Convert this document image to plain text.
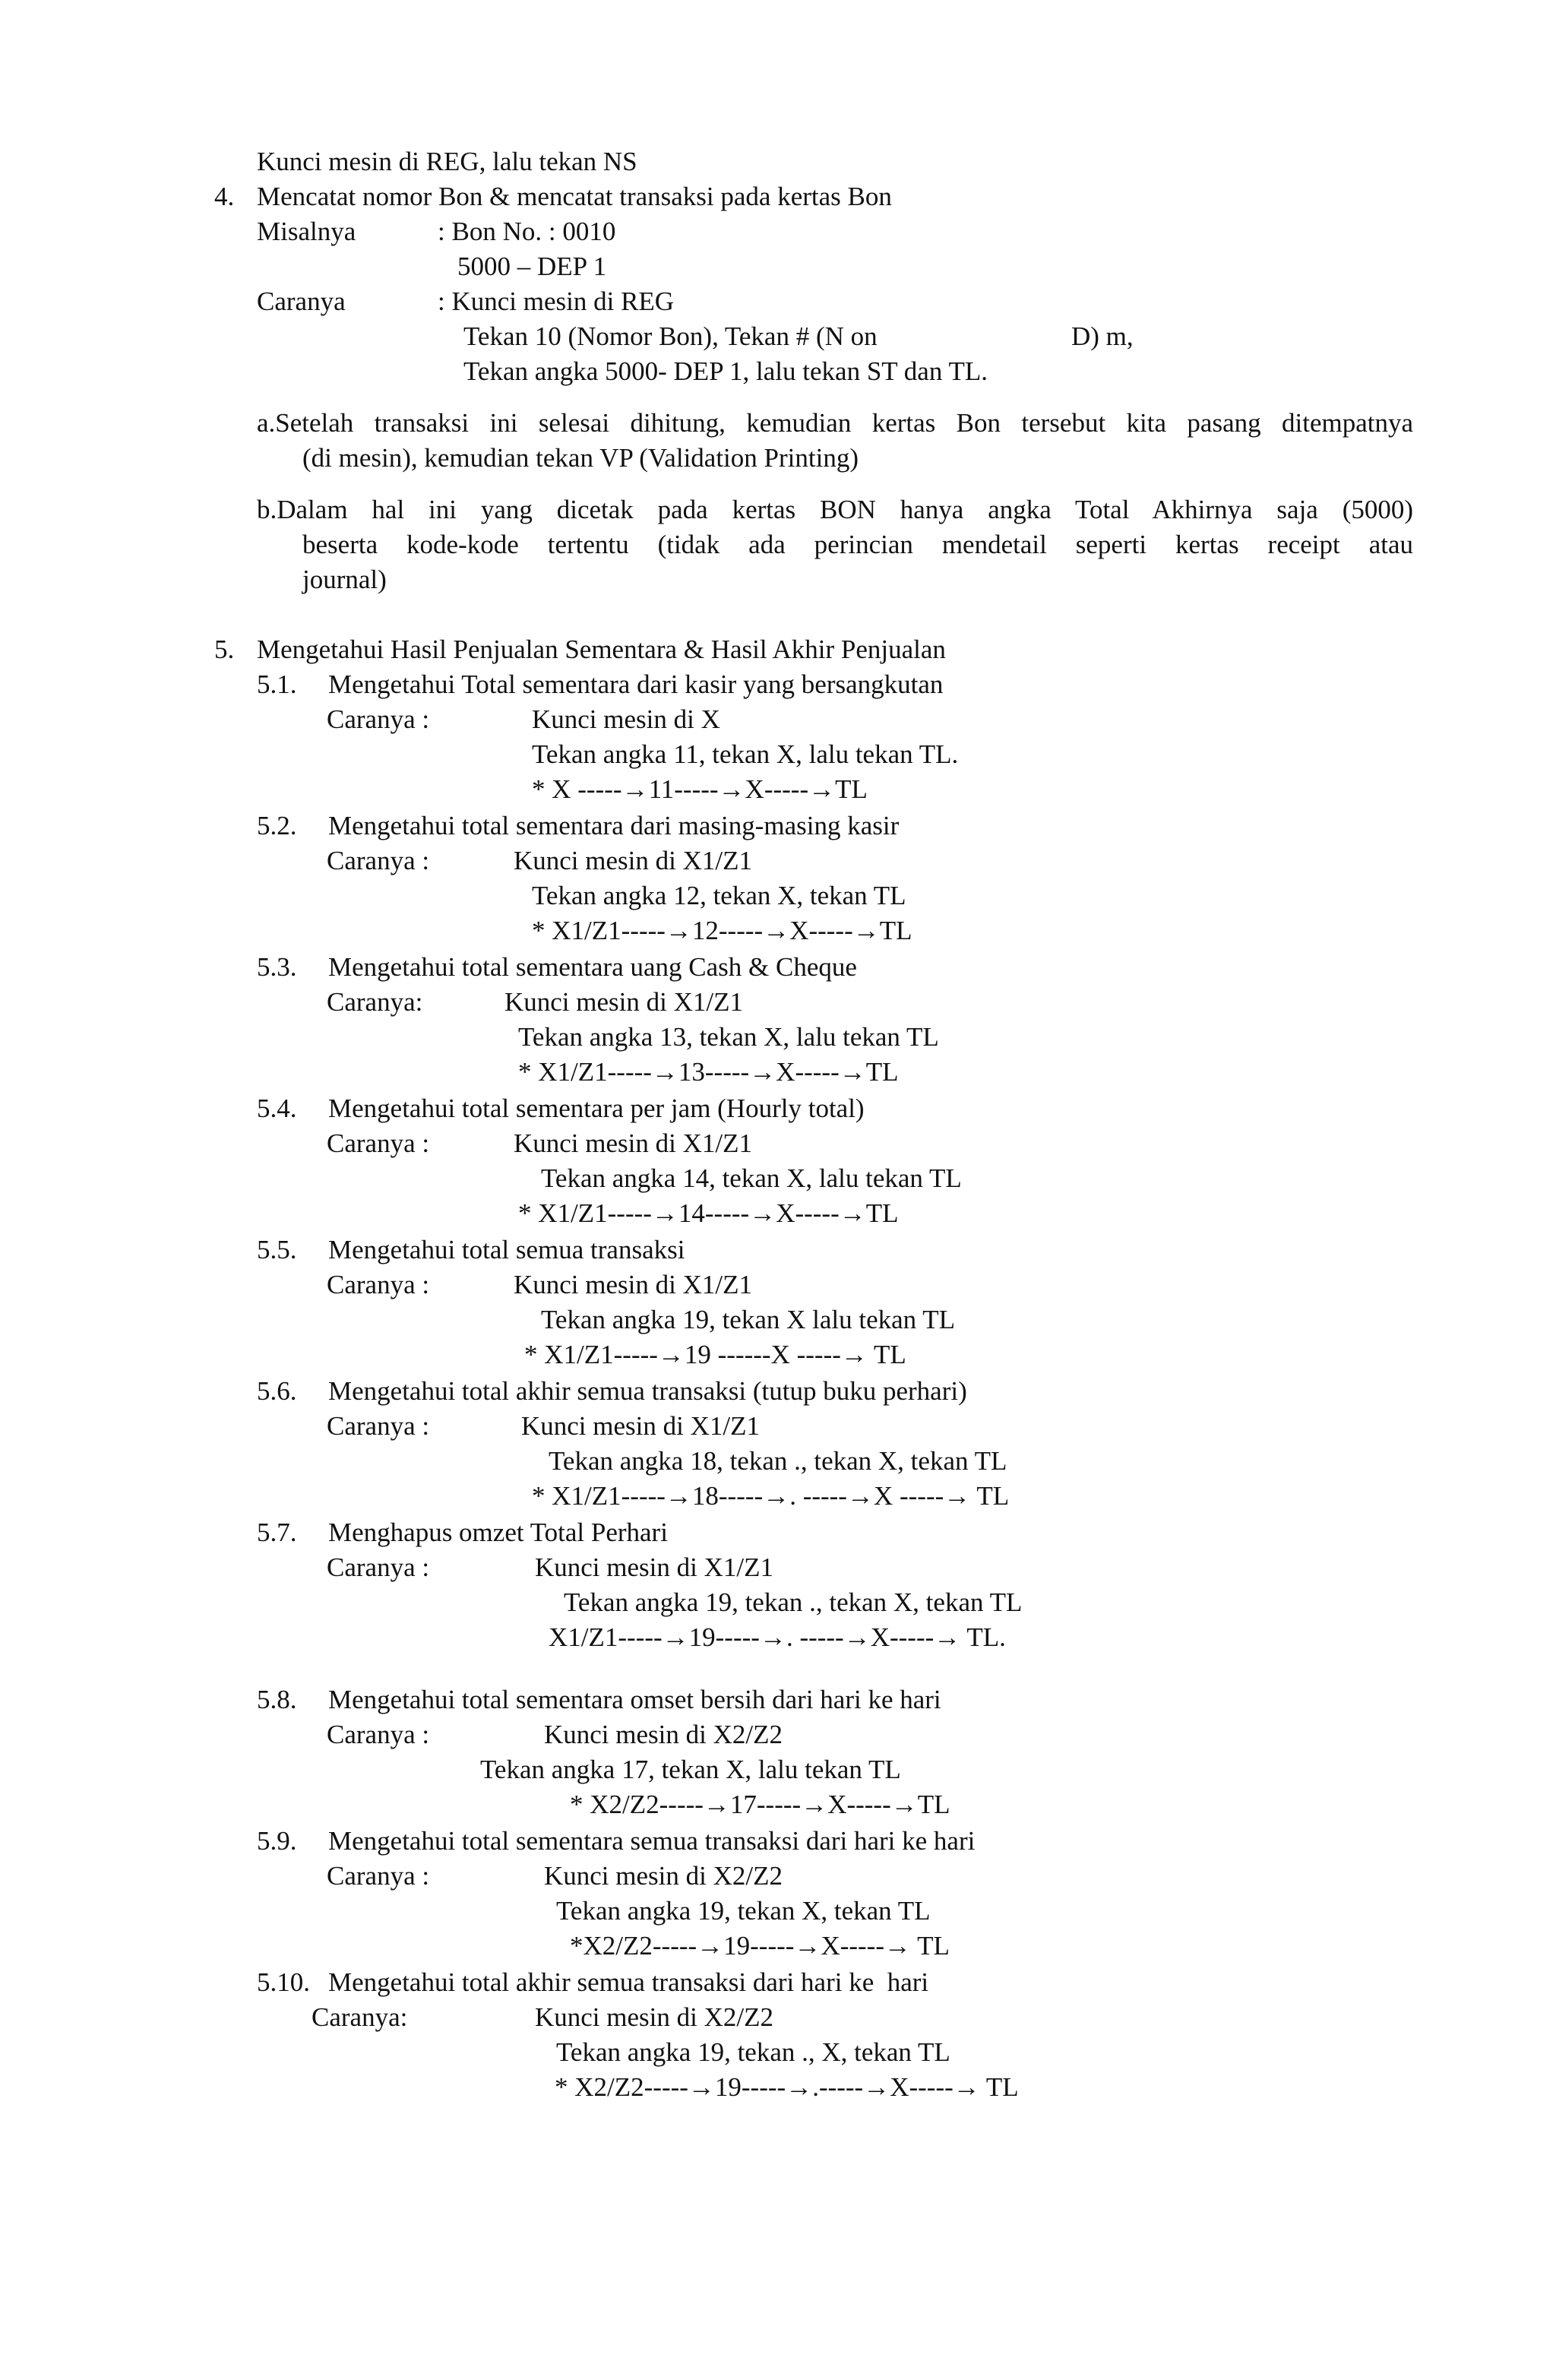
Kunci mesin di REG, lalu tekan NS
4. Mencatat nomor Bon & mencatat transaksi pada kertas Bon
Misalnya	: Bon No. : 0010
5000 – DEP 1
Caranya	: Kunci mesin di REG
Tekan 10 (Nomor Bon), Tekan # (N on	D) m,
Tekan angka 5000- DEP 1, lalu tekan ST dan TL.
a.Setelah transaksi ini selesai dihitung, kemudian kertas Bon tersebut kita pasang ditempatnya
(di mesin), kemudian tekan VP (Validation Printing)
b.Dalam hal ini yang dicetak pada kertas BON hanya angka Total Akhirnya saja (5000)
beserta kode-kode tertentu (tidak ada perincian mendetail seperti kertas receipt atau
journal)
5. Mengetahui Hasil Penjualan Sementara & Hasil Akhir Penjualan
5.1. Mengetahui Total sementara dari kasir yang bersangkutan
Caranya :	Kunci mesin di X
Tekan angka 11, tekan X, lalu tekan TL.
* X -----→11-----→X-----→TL
5.2. Mengetahui total sementara dari masing-masing kasir
Caranya :	Kunci mesin di X1/Z1
Tekan angka 12, tekan X, tekan TL
* X1/Z1-----→12-----→X-----→TL
5.3. Mengetahui total sementara uang Cash & Cheque
Caranya:	Kunci mesin di X1/Z1
Tekan angka 13, tekan X, lalu tekan TL
* X1/Z1-----→13-----→X-----→TL
5.4. Mengetahui total sementara per jam (Hourly total)
Caranya :	Kunci mesin di X1/Z1
Tekan angka 14, tekan X, lalu tekan TL
* X1/Z1-----→14-----→X-----→TL
5.5. Mengetahui total semua transaksi
Caranya :	Kunci mesin di X1/Z1
Tekan angka 19, tekan X lalu tekan TL
* X1/Z1-----→19 ------X -----→ TL
5.6. Mengetahui total akhir semua transaksi (tutup buku perhari)
Caranya :	Kunci mesin di X1/Z1
Tekan angka 18, tekan ., tekan X, tekan TL
* X1/Z1-----→18-----→. -----→X -----→ TL
5.7. Menghapus omzet Total Perhari
Caranya :	Kunci mesin di X1/Z1
Tekan angka 19, tekan ., tekan X, tekan TL
X1/Z1-----→19-----→. -----→X-----→ TL.
5.8. Mengetahui total sementara omset bersih dari hari ke hari
Caranya :	Kunci mesin di X2/Z2
Tekan angka 17, tekan X, lalu tekan TL
* X2/Z2-----→17-----→X-----→TL
5.9. Mengetahui total sementara semua transaksi dari hari ke hari
Caranya :	Kunci mesin di X2/Z2
Tekan angka 19, tekan X, tekan TL
*X2/Z2-----→19-----→X-----→ TL
5.10. Mengetahui total akhir semua transaksi dari hari ke  hari
Caranya:	Kunci mesin di X2/Z2
Tekan angka 19, tekan ., X, tekan TL
* X2/Z2-----→19-----→.-----→X-----→ TL
